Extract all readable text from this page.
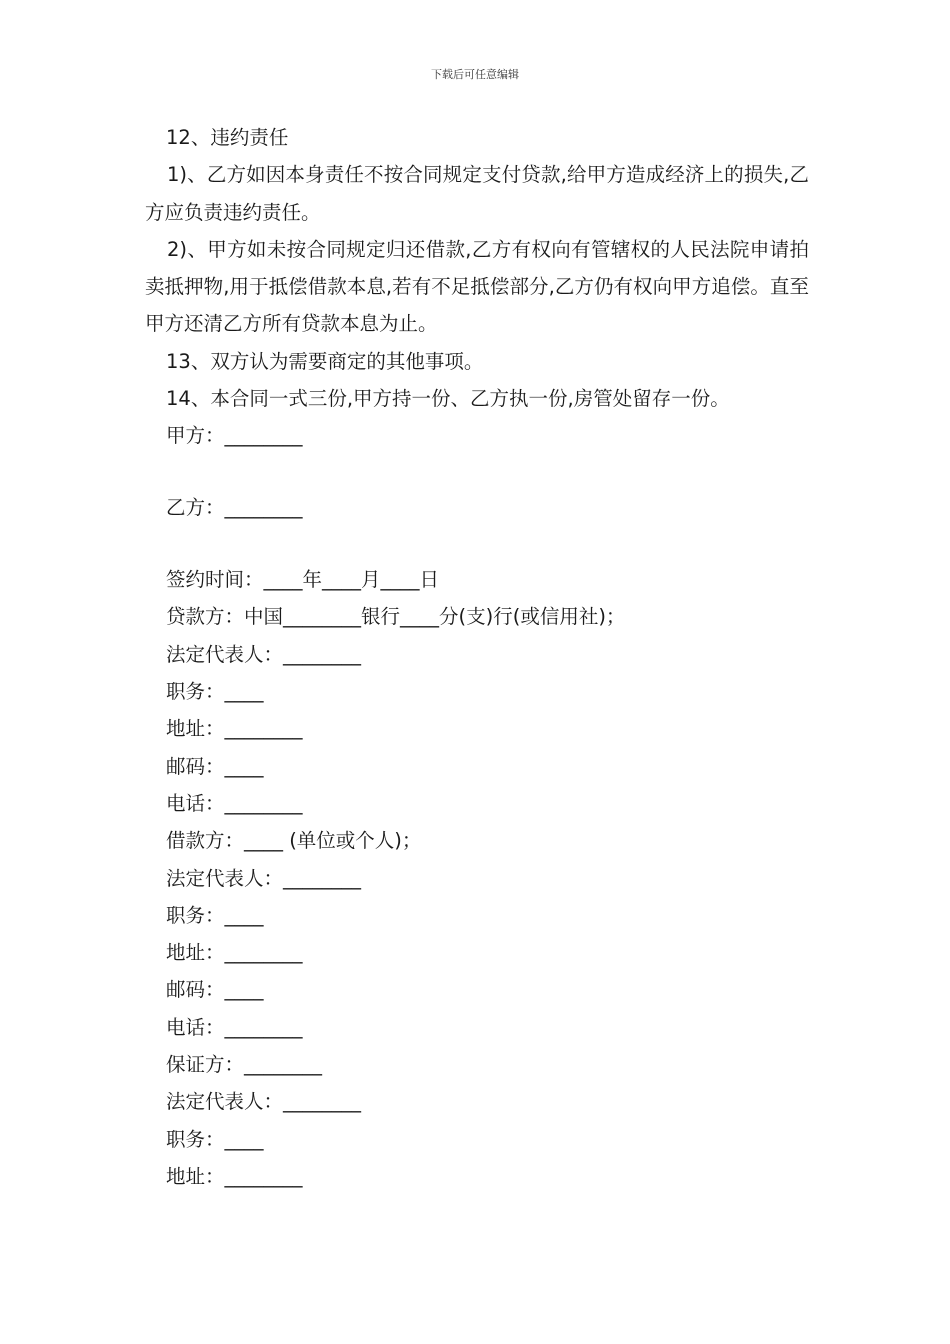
下载后可任意编辑
12、违约责任
1)、乙方如因本身责任不按合同规定支付贷款,给甲方造成经济上的损失,乙方应负责违约责任。
2)、甲方如未按合同规定归还借款,乙方有权向有管辖权的人民法院申请拍卖抵押物,用于抵偿借款本息,若有不足抵偿部分,乙方仍有权向甲方追偿。直至甲方还清乙方所有贷款本息为止。
13、双方认为需要商定的其他事项。
14、本合同一式三份,甲方持一份、乙方执一份,房管处留存一份。
甲方：________
乙方：________
签约时间：____年____月____日
贷款方：中国________银行____分(支)行(或信用社)；
法定代表人：________
职务：____
地址：________
邮码：____
电话：________
借款方：____ (单位或个人)；
法定代表人：________
职务：____
地址：________
邮码：____
电话：________
保证方：________
法定代表人：________
职务：____
地址：________
